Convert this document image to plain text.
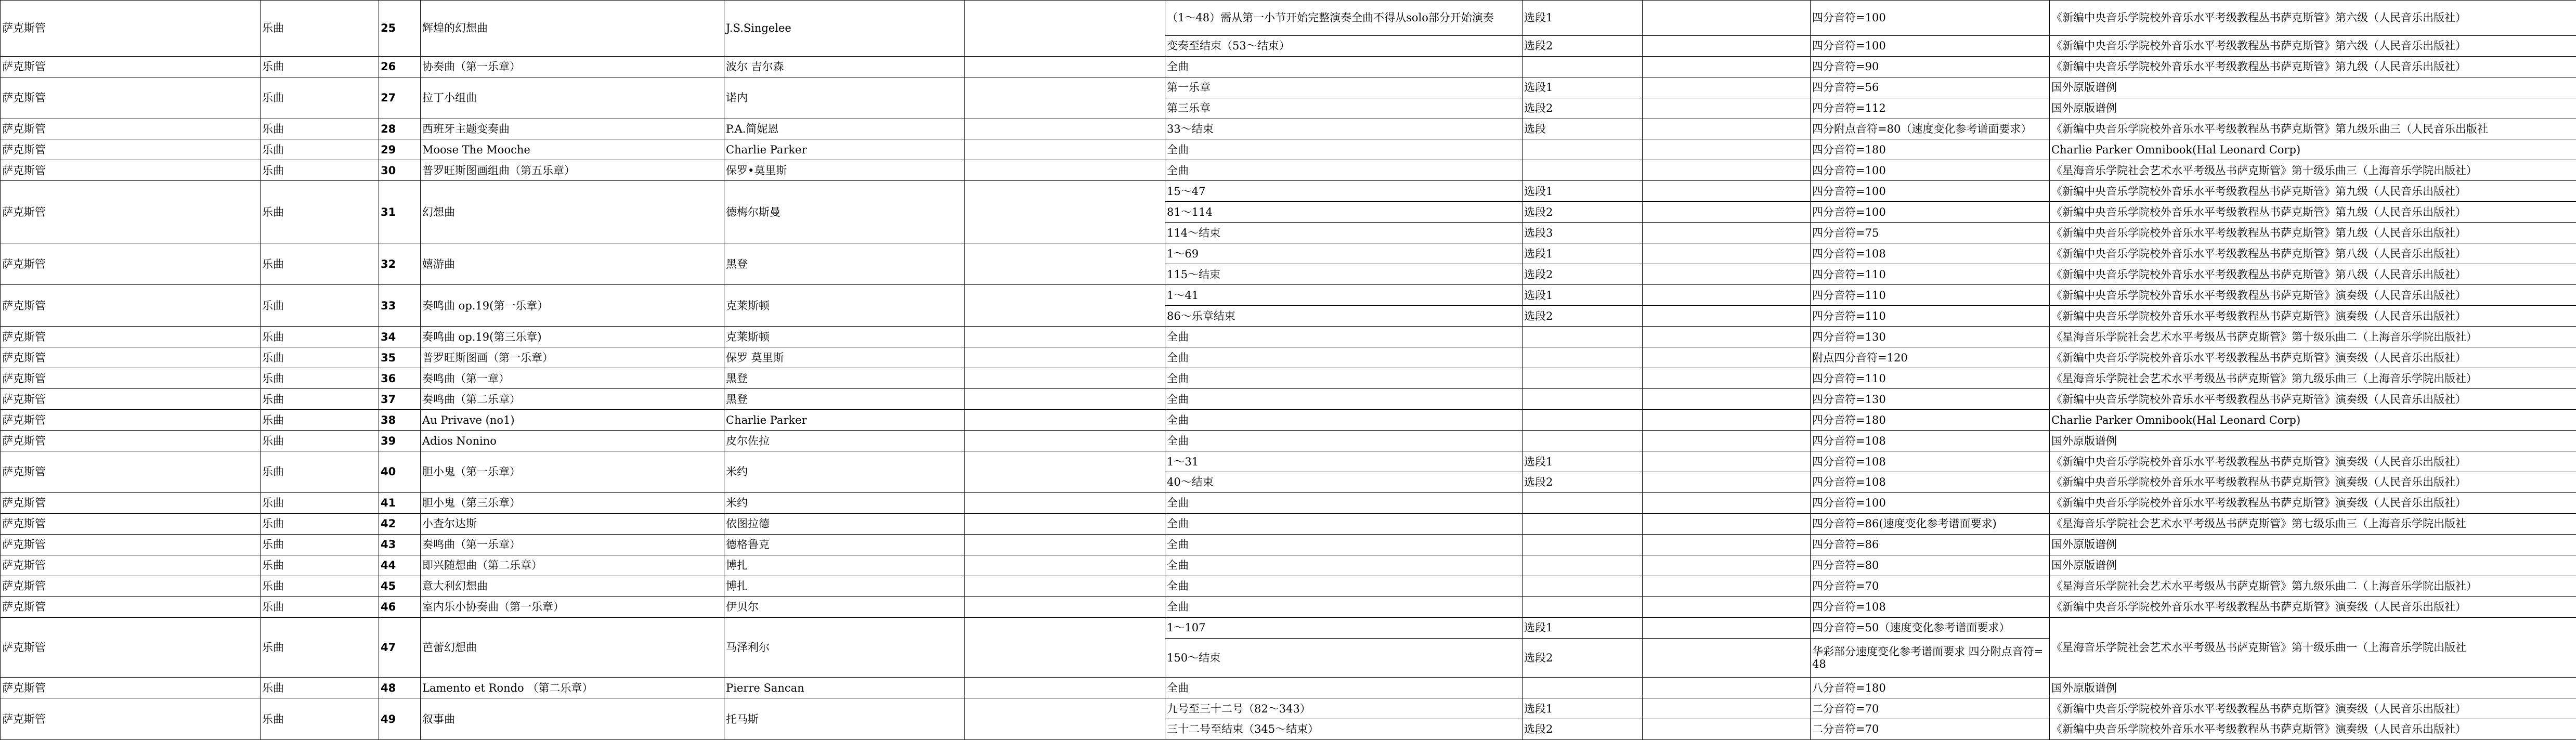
萨克斯管	乐曲	25	辉煌的幻想曲	J.S.Singelee		（1～48）需从第一小节开始完整演奏全曲不得从solo部分开始演奏	选段1		四分音符=100	《新编中央音乐学院校外音乐水平考级教程丛书萨克斯管》第六级（人民音乐出版社）
						变奏至结束（53～结束）	选段2		四分音符=100	《新编中央音乐学院校外音乐水平考级教程丛书萨克斯管》第六级（人民音乐出版社）
萨克斯管	乐曲	26	协奏曲（第一乐章）	波尔 吉尔森		全曲			四分音符=90	《新编中央音乐学院校外音乐水平考级教程丛书萨克斯管》第九级（人民音乐出版社）
萨克斯管	乐曲	27	拉丁小组曲	诺内		第一乐章	选段1		四分音符=56	国外原版谱例
						第三乐章	选段2		四分音符=112	国外原版谱例
萨克斯管	乐曲	28	西班牙主题变奏曲	P.A.简妮恩		33～结束	选段		四分附点音符=80（速度变化参考谱面要求）	《新编中央音乐学院校外音乐水平考级教程丛书萨克斯管》第九级乐曲三（人民音乐出版社
萨克斯管	乐曲	29	Moose The Mooche	Charlie Parker		全曲			四分音符=180	Charlie Parker Omnibook(Hal Leonard Corp)
萨克斯管	乐曲	30	普罗旺斯图画组曲（第五乐章）	保罗•莫里斯		全曲			四分音符=100	《星海音乐学院社会艺术水平考级丛书萨克斯管》第十级乐曲三（上海音乐学院出版社）
萨克斯管	乐曲	31	幻想曲	德梅尔斯曼		15～47	选段1		四分音符=100	《新编中央音乐学院校外音乐水平考级教程丛书萨克斯管》第九级（人民音乐出版社）
						81～114	选段2		四分音符=100	《新编中央音乐学院校外音乐水平考级教程丛书萨克斯管》第九级（人民音乐出版社）
						114～结束	选段3		四分音符=75	《新编中央音乐学院校外音乐水平考级教程丛书萨克斯管》第九级（人民音乐出版社）
萨克斯管	乐曲	32	嬉游曲	黑登		1～69	选段1		四分音符=108	《新编中央音乐学院校外音乐水平考级教程丛书萨克斯管》第八级（人民音乐出版社）
						115～结束	选段2		四分音符=110	《新编中央音乐学院校外音乐水平考级教程丛书萨克斯管》第八级（人民音乐出版社）
萨克斯管	乐曲	33	奏鸣曲 op.19(第一乐章）	克莱斯顿		1～41	选段1		四分音符=110	《新编中央音乐学院校外音乐水平考级教程丛书萨克斯管》演奏级（人民音乐出版社）
						86～乐章结束	选段2		四分音符=110	《新编中央音乐学院校外音乐水平考级教程丛书萨克斯管》演奏级（人民音乐出版社）
萨克斯管	乐曲	34	奏鸣曲 op.19(第三乐章)	克莱斯顿		全曲			四分音符=130	《星海音乐学院社会艺术水平考级丛书萨克斯管》第十级乐曲二（上海音乐学院出版社）
萨克斯管	乐曲	35	普罗旺斯图画（第一乐章）	保罗 莫里斯		全曲			附点四分音符=120	《新编中央音乐学院校外音乐水平考级教程丛书萨克斯管》演奏级（人民音乐出版社）
萨克斯管	乐曲	36	奏鸣曲（第一章）	黑登		全曲			四分音符=110	《星海音乐学院社会艺术水平考级丛书萨克斯管》第九级乐曲三（上海音乐学院出版社）
萨克斯管	乐曲	37	奏鸣曲（第二乐章）	黑登		全曲			四分音符=130	《新编中央音乐学院校外音乐水平考级教程丛书萨克斯管》演奏级（人民音乐出版社）
萨克斯管	乐曲	38	Au Privave (no1)	Charlie Parker		全曲			四分音符=180	Charlie Parker Omnibook(Hal Leonard Corp)
萨克斯管	乐曲	39	Adios Nonino	皮尔佐拉		全曲			四分音符=108	国外原版谱例
萨克斯管	乐曲	40	胆小鬼（第一乐章）	米约		1～31	选段1		四分音符=108	《新编中央音乐学院校外音乐水平考级教程丛书萨克斯管》演奏级（人民音乐出版社）
						40～结束	选段2		四分音符=108	《新编中央音乐学院校外音乐水平考级教程丛书萨克斯管》演奏级（人民音乐出版社）
萨克斯管	乐曲	41	胆小鬼（第三乐章）	米约		全曲			四分音符=100	《新编中央音乐学院校外音乐水平考级教程丛书萨克斯管》演奏级（人民音乐出版社）
萨克斯管	乐曲	42	小査尔达斯	依图拉德		全曲			四分音符=86(速度变化参考谱面要求)	《星海音乐学院社会艺术水平考级丛书萨克斯管》第七级乐曲三（上海音乐学院出版社
萨克斯管	乐曲	43	奏鸣曲（第一乐章）	德格鲁克		全曲			四分音符=86	国外原版谱例
萨克斯管	乐曲	44	即兴随想曲（第二乐章）	博扎		全曲			四分音符=80	国外原版谱例
萨克斯管	乐曲	45	意大利幻想曲	博扎		全曲			四分音符=70	《星海音乐学院社会艺术水平考级丛书萨克斯管》第九级乐曲二（上海音乐学院出版社）
萨克斯管	乐曲	46	室内乐小协奏曲（第一乐章）	伊贝尔		全曲			四分音符=108	《新编中央音乐学院校外音乐水平考级教程丛书萨克斯管》演奏级（人民音乐出版社）
萨克斯管	乐曲	47	芭蕾幻想曲	马泽利尔		1～107	选段1		四分音符=50（速度变化参考谱面要求）	《星海音乐学院社会艺术水平考级丛书萨克斯管》第十级乐曲一（上海音乐学院出版社
						150～结束	选段2		华彩部分速度变化参考谱面要求 四分附点音符=48	
萨克斯管	乐曲	48	Lamento et Rondo （第二乐章）	Pierre Sancan		全曲			八分音符=180	国外原版谱例
萨克斯管	乐曲	49	叙事曲	托马斯		九号至三十二号（82～343）	选段1		二分音符=70	《新编中央音乐学院校外音乐水平考级教程丛书萨克斯管》演奏级（人民音乐出版社）
						三十二号至结束（345～结束）	选段2		二分音符=70	《新编中央音乐学院校外音乐水平考级教程丛书萨克斯管》演奏级（人民音乐出版社）
